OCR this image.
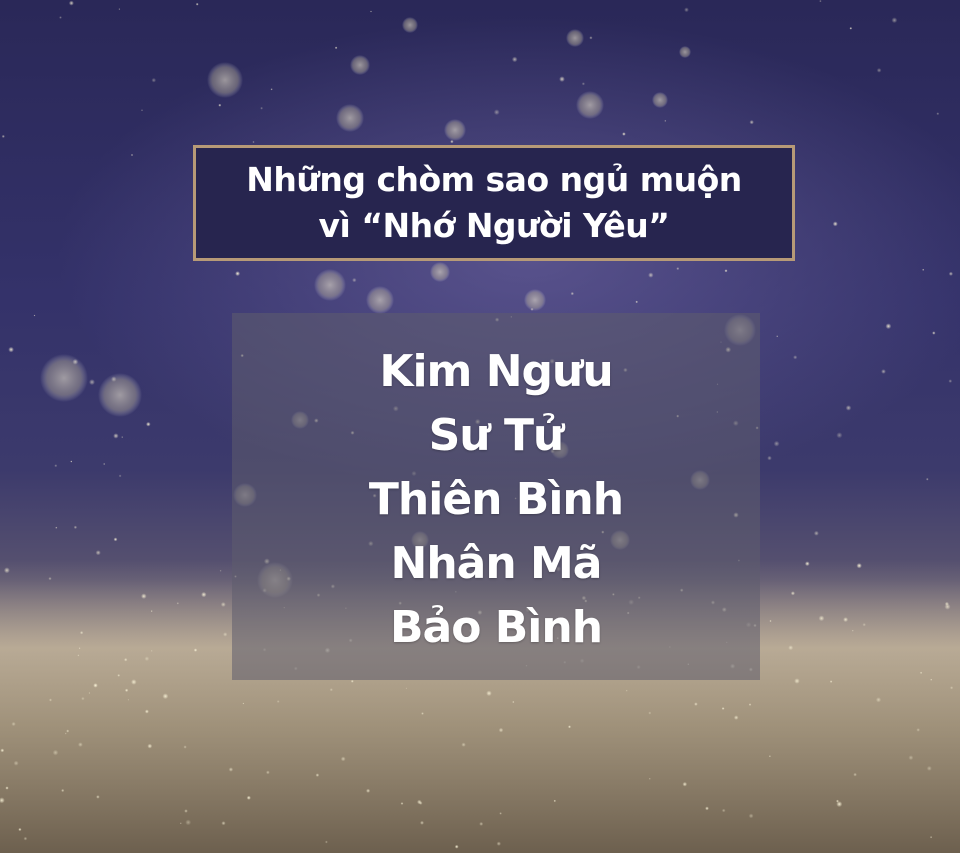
Những chòm sao ngủ muộn
vì “Nhớ Người Yêu”
Kim Ngưu
Sư Tử
Thiên Bình
Nhân Mã
Bảo Bình
